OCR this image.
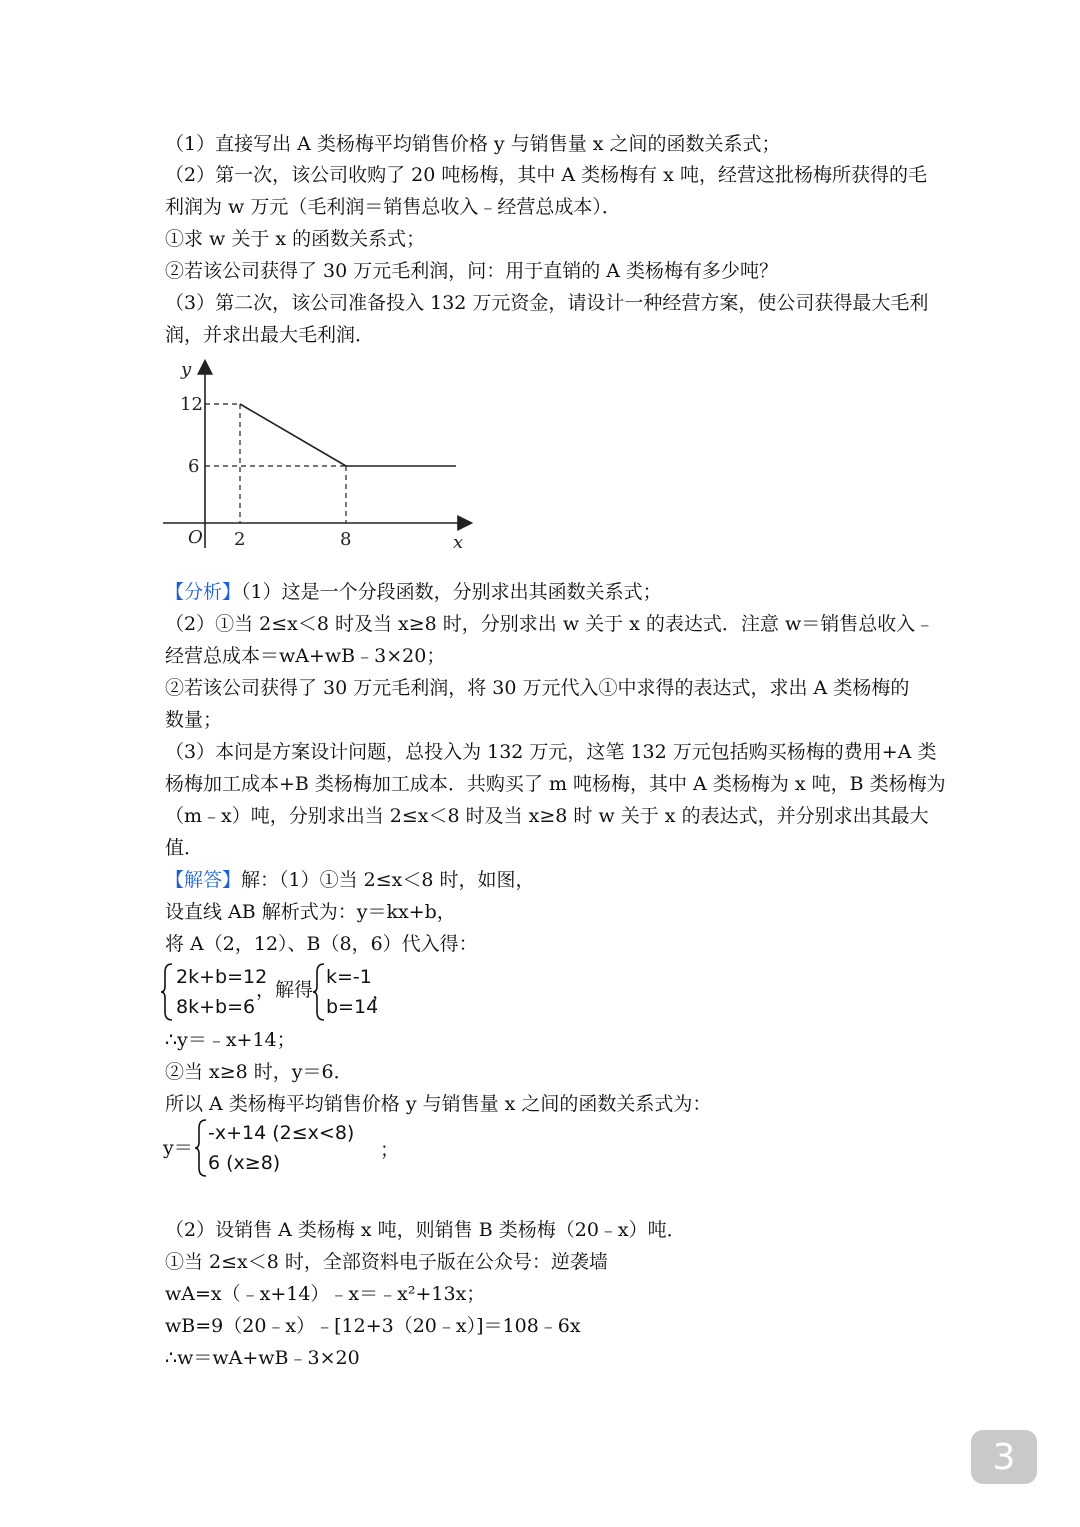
（1）直接写出 A 类杨梅平均销售价格 y 与销售量 x 之间的函数关系式；
（2）第一次，该公司收购了 20 吨杨梅，其中 A 类杨梅有 x 吨，经营这批杨梅所获得的毛
利润为 w 万元（毛利润＝销售总收入﹣经营总成本）．
①求 w 关于 x 的函数关系式；
②若该公司获得了 30 万元毛利润，问：用于直销的 A 类杨梅有多少吨？
（3）第二次，该公司准备投入 132 万元资金，请设计一种经营方案，使公司获得最大毛利
润，并求出最大毛利润．
y
x
O
12
6
2	8
【分析】（1）这是一个分段函数，分别求出其函数关系式；
（2）①当 2≤x＜8 时及当 x≥8 时，分别求出 w 关于 x 的表达式．注意 w＝销售总收入﹣
经营总成本＝wA+wB﹣3×20；
②若该公司获得了 30 万元毛利润，将 30 万元代入①中求得的表达式，求出 A 类杨梅的
数量；
（3）本问是方案设计问题，总投入为 132 万元，这笔 132 万元包括购买杨梅的费用+A 类
杨梅加工成本+B 类杨梅加工成本．共购买了 m 吨杨梅，其中 A 类杨梅为 x 吨，B 类杨梅为
（m﹣x）吨，分别求出当 2≤x＜8 时及当 x≥8 时 w 关于 x 的表达式，并分别求出其最大
值．
【解答】解：（1）①当 2≤x＜8 时，如图，
设直线 AB 解析式为：y＝kx+b，
将 A（2，12）、B（8，6）代入得：
2k+b=12
8k+b=6
，解得
k=-1
b=14
，
∴y＝﹣x+14；
②当 x≥8 时，y＝6．
所以 A 类杨梅平均销售价格 y 与销售量 x 之间的函数关系式为：
y＝
-x+14 (2≤x<8)
6 (x≥8)
；
（2）设销售 A 类杨梅 x 吨，则销售 B 类杨梅（20﹣x）吨．
①当 2≤x＜8 时，全部资料电子版在公众号：逆袭墙
wA=x（﹣x+14）﹣x＝﹣x²+13x；
wB=9（20﹣x）﹣[12+3（20﹣x）]＝108﹣6x
∴w＝wA+wB﹣3×20
3
